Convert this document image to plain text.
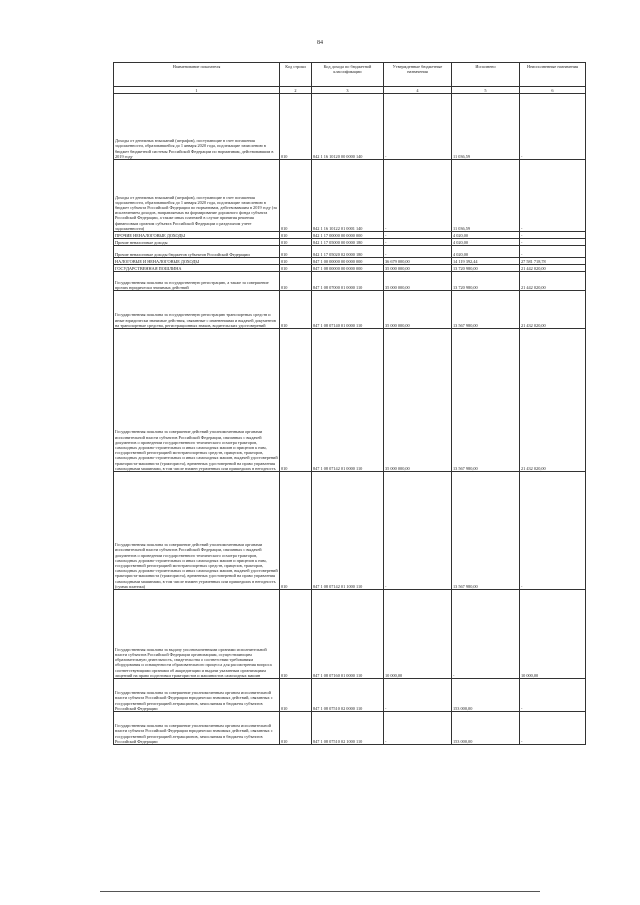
84
Наименование показателя	Код строки	Код дохода по бюджетной классификации	Утвержденные бюджетные назначения	Исполнено	Неисполненные назначения
1	2	3	4	5	6
Доходы от денежных взысканий (штрафов), поступающие в счет погашения задолженности, образовавшейся до 1 января 2020 года, подлежащие зачислению в бюджет бюджетной системы Российской Федерации по нормативам, действовавшим в 2019 году	010	842 1 16 10120 00 0000 140	-	11 036,59	-
Доходы от денежных взысканий (штрафов), поступающие в счет погашения задолженности, образовавшейся до 1 января 2020 года, подлежащие зачислению в бюджет субъекта Российской Федерации по нормативам, действовавшим в 2019 году (за исключением доходов, направляемых на формирование дорожного фонда субъекта Российской Федерации, а также иных платежей в случае принятия решения финансовым органом субъекта Российской Федерации о раздельном учете задолженности)	010	842 1 16 10122 01 0001 140	-	11 036,59	-
ПРОЧИЕ НЕНАЛОГОВЫЕ ДОХОДЫ	010	842 1 17 00000 00 0000 000	-	4 020,00	-
Прочие неналоговые доходы	010	842 1 17 05000 00 0000 180	-	4 020,00	-
Прочие неналоговые доходы бюджетов субъектов Российской Федерации	010	842 1 17 05020 02 0000 180	-	4 020,00	-
НАЛОГОВЫЕ И НЕНАЛОГОВЫЕ ДОХОДЫ	010	847 1 00 00000 00 0000 000	36 679 000,00	14 119 392,44	27 581 718,78
ГОСУДАРСТВЕННАЯ ПОШЛИНА	010	847 1 08 00000 00 0000 000	35 000 000,00	13 720 980,00	21 442 020,00
Государственная пошлина за государственную регистрацию, а также за совершение прочих юридически значимых действий	010	847 1 08 07000 01 0000 110	35 000 000,00	13 720 980,00	21 442 020,00
Государственная пошлина за государственную регистрацию транспортных средств и иные юридически значимые действия, связанные с изменениями и выдачей документов на транспортные средства, регистрационных знаков, водительских удостоверений	010	847 1 08 07140 01 0000 110	35 000 000,00	13 567 980,00	21 432 020,00
Государственная пошлина за совершение действий уполномоченными органами исполнительной власти субъектов Российской Федерации, связанных с выдачей документов о проведении государственного технического осмотра тракторов, самоходных дорожно-строительных и иных самоходных машин и прицепов к ним, государственной регистрацией мототранспортных средств, прицепов, тракторов, самоходных дорожно-строительных и иных самоходных машин, выдачей удостоверений тракториста-машиниста (тракториста), временных удостоверений на право управления самоходными машинами, в том числе взамен утраченных или пришедших в негодность	010	847 1 08 07142 01 0000 110	35 000 000,00	13 567 980,00	21 432 020,00
Государственная пошлина за совершение действий уполномоченными органами исполнительной власти субъектов Российской Федерации, связанных с выдачей документов о проведении государственного технического осмотра тракторов, самоходных дорожно-строительных и иных самоходных машин и прицепов к ним, государственной регистрацией мототранспортных средств, прицепов, тракторов, самоходных дорожно-строительных и иных самоходных машин, выдачей удостоверений тракториста-машиниста (тракториста), временных удостоверений на право управления самоходными машинами, в том числе взамен утраченных или пришедших в негодность (сумма платежа)	010	847 1 08 07142 01 1000 110	-	13 567 980,00	-
Государственная пошлина за выдачу уполномоченными органами исполнительной власти субъектов Российской Федерации организациям, осуществляющим образовательную деятельность, свидетельства о соответствии требованиям оборудования и оснащенности образовательного процесса для рассмотрения вопроса соответствующими органами об аккредитации и выдачи указанным организациям лицензий на право подготовки трактористов и машинистов самоходных машин	010	847 1 08 07160 01 0000 110	10 000,00	-	10 000,00
Государственная пошлина за совершение уполномоченным органом исполнительной власти субъекта Российской Федерации юридически значимых действий, связанных с государственной регистрацией аттракционов, зачисляемая в бюджеты субъектов Российской Федерации	010	847 1 08 07510 02 0000 110	-	153 000,00	-
Государственная пошлина за совершение уполномоченным органом исполнительной власти субъекта Российской Федерации юридически значимых действий, связанных с государственной регистрацией аттракционов, зачисляемая в бюджеты субъектов Российской Федерации	010	847 1 08 07510 02 1000 110	-	153 000,00	-
